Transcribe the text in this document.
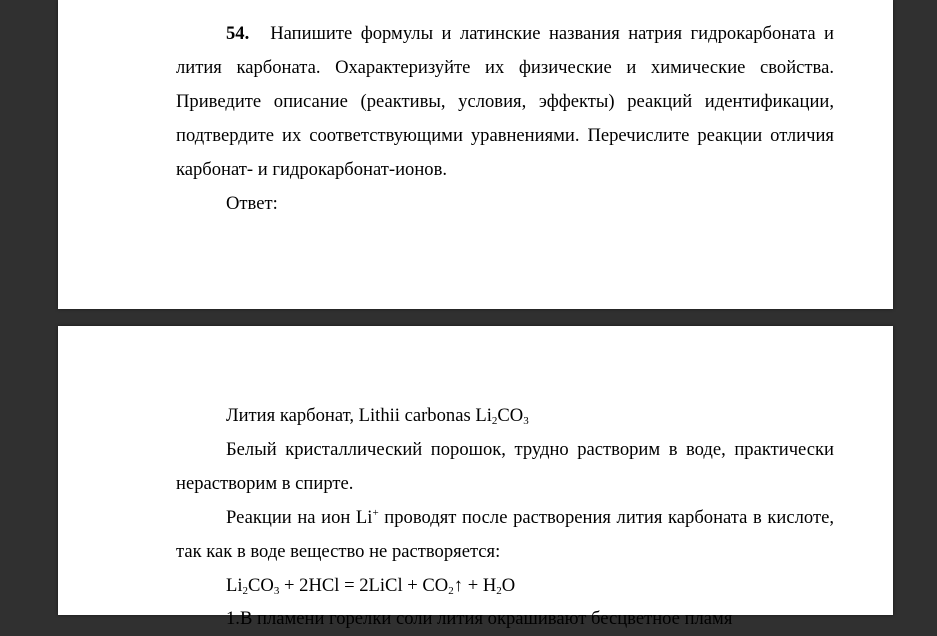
54. Напишите формулы и латинские названия натрия гидрокарбоната и лития карбоната. Охарактеризуйте их физические и химические свойства. Приведите описание (реактивы, условия, эффекты) реакций идентификации, подтвердите их соответствующими уравнениями. Перечислите реакции отличия карбонат- и гидрокарбонат-ионов.
Ответ:
Лития карбонат, Lithii carbonas $Li_2CO_3$
Белый кристаллический порошок, трудно растворим в воде, практически нерастворим в спирте.
Реакции на ион Li+ проводят после растворения лития карбоната в кислоте, так как в воде вещество не растворяется:
$Li_2CO_3 + 2HCl$ = 2LiCl + $CO_2↑ + H_2O$
1.В пламени горелки соли лития окрашивают бесцветное пламя
